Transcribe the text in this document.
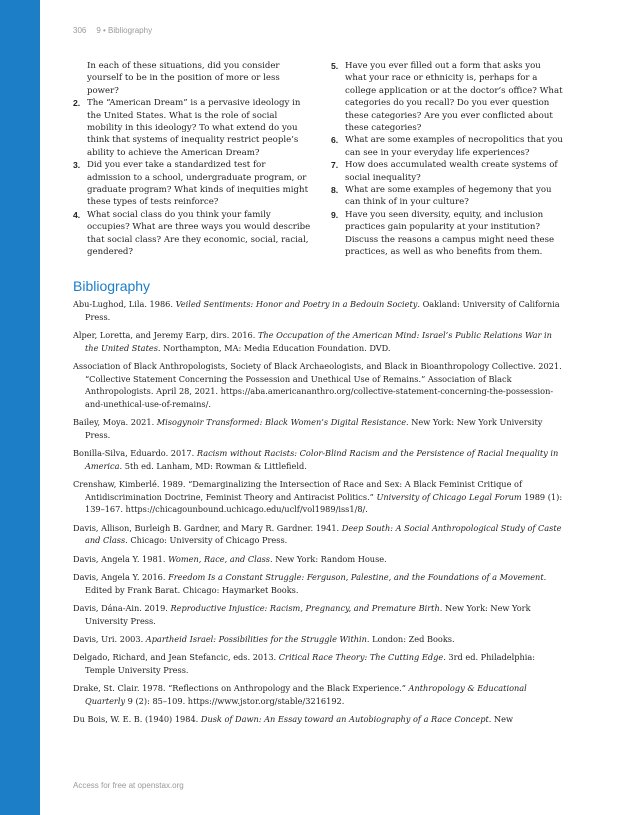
306 9 • Bibliography
In each of these situations, did you consider yourself to be in the position of more or less power?
2. The “American Dream” is a pervasive ideology in the United States. What is the role of social mobility in this ideology? To what extend do you think that systems of inequality restrict people’s ability to achieve the American Dream?
3. Did you ever take a standardized test for admission to a school, undergraduate program, or graduate program? What kinds of inequities might these types of tests reinforce?
4. What social class do you think your family occupies? What are three ways you would describe that social class? Are they economic, social, racial, gendered?
5. Have you ever filled out a form that asks you what your race or ethnicity is, perhaps for a college application or at the doctor’s office? What categories do you recall? Do you ever question these categories? Are you ever conflicted about these categories?
6. What are some examples of necropolitics that you can see in your everyday life experiences?
7. How does accumulated wealth create systems of social inequality?
8. What are some examples of hegemony that you can think of in your culture?
9. Have you seen diversity, equity, and inclusion practices gain popularity at your institution? Discuss the reasons a campus might need these practices, as well as who benefits from them.
Bibliography

Abu-Lughod, Lila. 1986. Veiled Sentiments: Honor and Poetry in a Bedouin Society. Oakland: University of California Press.

Alper, Loretta, and Jeremy Earp, dirs. 2016. The Occupation of the American Mind: Israel’s Public Relations War in the United States. Northampton, MA: Media Education Foundation. DVD.

Association of Black Anthropologists, Society of Black Archaeologists, and Black in Bioanthropology Collective. 2021. “Collective Statement Concerning the Possession and Unethical Use of Remains.” Association of Black Anthropologists. April 28, 2021. https://aba.americananthro.org/collective-statement-concerning-the-possession-and-unethical-use-of-remains/.

Bailey, Moya. 2021. Misogynoir Transformed: Black Women’s Digital Resistance. New York: New York University Press.

Bonilla-Silva, Eduardo. 2017. Racism without Racists: Color-Blind Racism and the Persistence of Racial Inequality in America. 5th ed. Lanham, MD: Rowman & Littlefield.

Crenshaw, Kimberlé. 1989. “Demarginalizing the Intersection of Race and Sex: A Black Feminist Critique of Antidiscrimination Doctrine, Feminist Theory and Antiracist Politics.” University of Chicago Legal Forum 1989 (1): 139–167. https://chicagounbound.uchicago.edu/uclf/vol1989/iss1/8/.

Davis, Allison, Burleigh B. Gardner, and Mary R. Gardner. 1941. Deep South: A Social Anthropological Study of Caste and Class. Chicago: University of Chicago Press.

Davis, Angela Y. 1981. Women, Race, and Class. New York: Random House.

Davis, Angela Y. 2016. Freedom Is a Constant Struggle: Ferguson, Palestine, and the Foundations of a Movement. Edited by Frank Barat. Chicago: Haymarket Books.

Davis, Dána-Ain. 2019. Reproductive Injustice: Racism, Pregnancy, and Premature Birth. New York: New York University Press.

Davis, Uri. 2003. Apartheid Israel: Possibilities for the Struggle Within. London: Zed Books.

Delgado, Richard, and Jean Stefancic, eds. 2013. Critical Race Theory: The Cutting Edge. 3rd ed. Philadelphia: Temple University Press.

Drake, St. Clair. 1978. “Reflections on Anthropology and the Black Experience.” Anthropology & Educational Quarterly 9 (2): 85–109. https://www.jstor.org/stable/3216192.

Du Bois, W. E. B. (1940) 1984. Dusk of Dawn: An Essay toward an Autobiography of a Race Concept. New

Access for free at openstax.org
